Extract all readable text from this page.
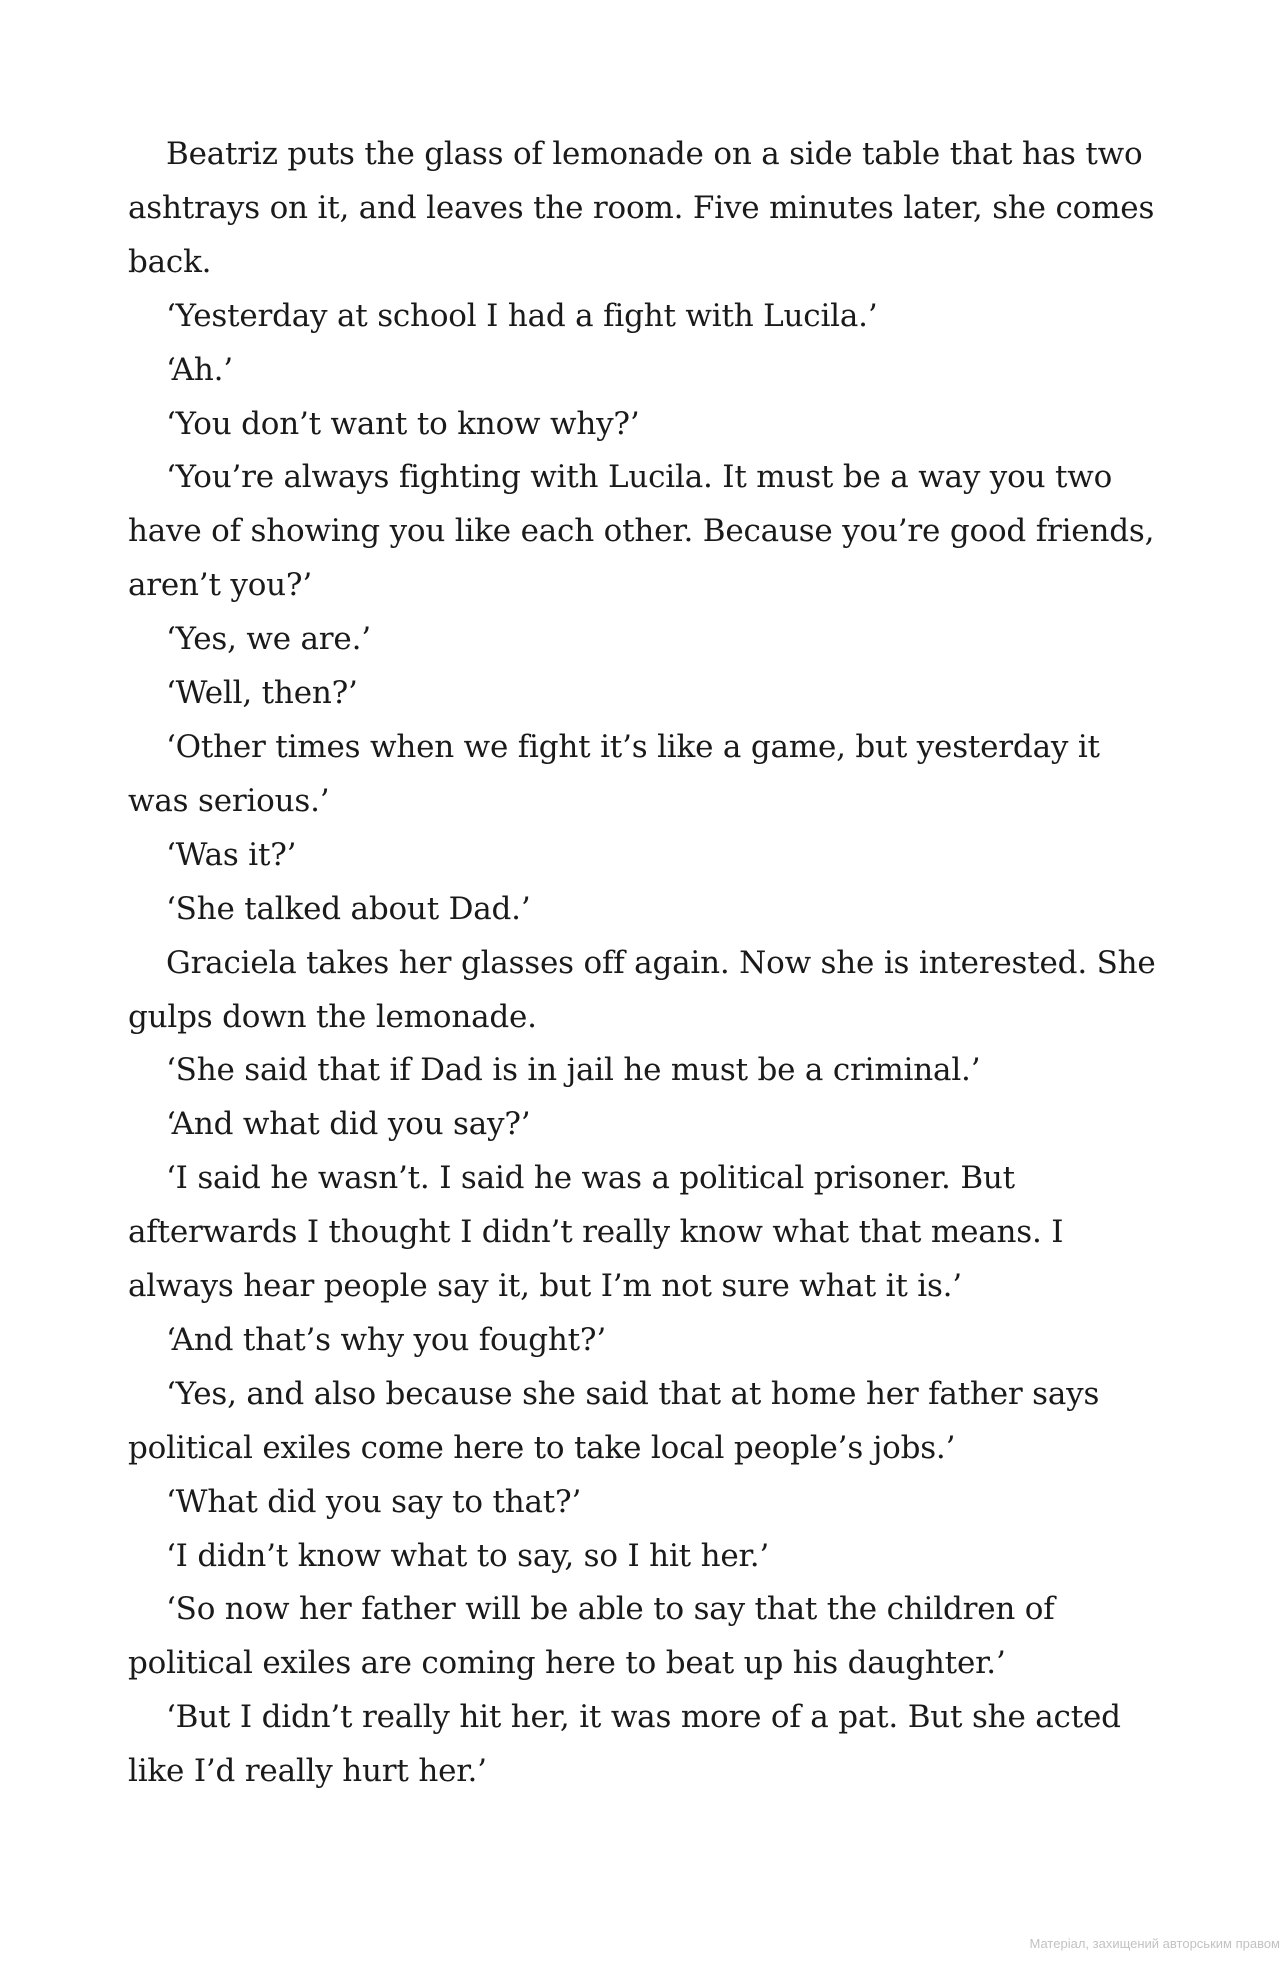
Beatriz puts the glass of lemonade on a side table that has two ashtrays on it, and leaves the room. Five minutes later, she comes back.

‘Yesterday at school I had a fight with Lucila.’

‘Ah.’

‘You don’t want to know why?’

‘You’re always fighting with Lucila. It must be a way you two have of showing you like each other. Because you’re good friends, aren’t you?’

‘Yes, we are.’

‘Well, then?’

‘Other times when we fight it’s like a game, but yesterday it was serious.’

‘Was it?’

‘She talked about Dad.’

Graciela takes her glasses off again. Now she is interested. She gulps down the lemonade.

‘She said that if Dad is in jail he must be a criminal.’

‘And what did you say?’

‘I said he wasn’t. I said he was a political prisoner. But afterwards I thought I didn’t really know what that means. I always hear people say it, but I’m not sure what it is.’

‘And that’s why you fought?’

‘Yes, and also because she said that at home her father says political exiles come here to take local people’s jobs.’

‘What did you say to that?’

‘I didn’t know what to say, so I hit her.’

‘So now her father will be able to say that the children of political exiles are coming here to beat up his daughter.’

‘But I didn’t really hit her, it was more of a pat. But she acted like I’d really hurt her.’

Матеріал, захищений авторським правом
